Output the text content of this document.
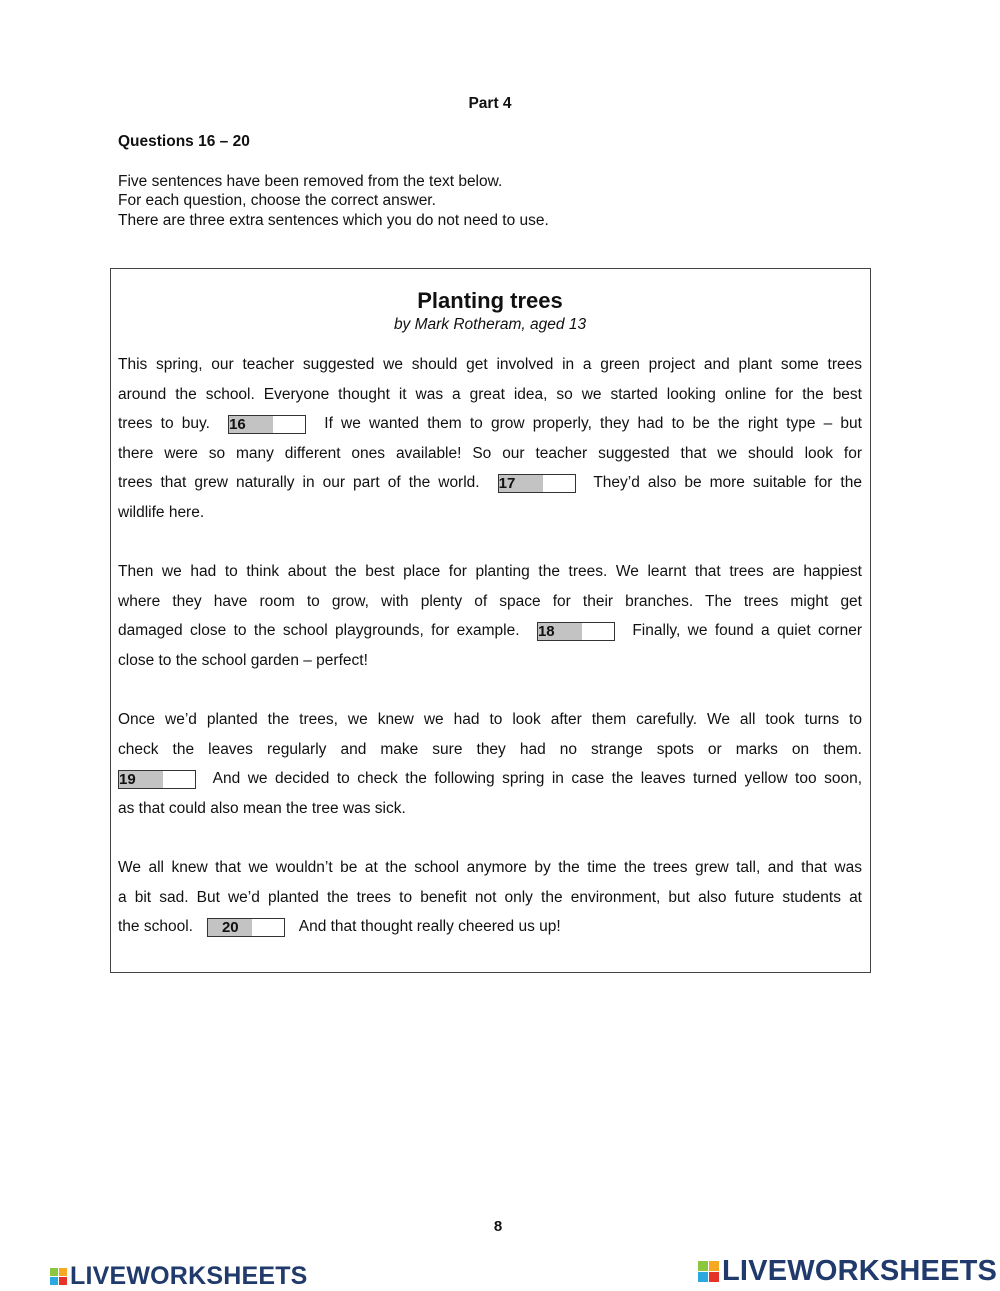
Part 4
Questions 16 – 20
Five sentences have been removed from the text below.
For each question, choose the correct answer.
There are three extra sentences which you do not need to use.
Planting trees
by Mark Rotheram, aged 13
This spring, our teacher suggested we should get involved in a green project and plant some trees
around the school. Everyone thought it was a great idea, so we started looking online for the best
trees to buy. 16	If we wanted them to grow properly, they had to be the right type – but
there were so many different ones available! So our teacher suggested that we should look for
trees that grew naturally in our part of the world. 17	They’d also be more suitable for the
wildlife here.
Then we had to think about the best place for planting the trees. We learnt that trees are happiest
where they have room to grow, with plenty of space for their branches. The trees might get
damaged close to the school playgrounds, for example. 18	Finally, we found a quiet corner
close to the school garden – perfect!
Once we’d planted the trees, we knew we had to look after them carefully. We all took turns to
check the leaves regularly and make sure they had no strange spots or marks on them.
19	And we decided to check the following spring in case the leaves turned yellow too soon,
as that could also mean the tree was sick.
We all knew that we wouldn’t be at the school anymore by the time the trees grew tall, and that was
a bit sad. But we’d planted the trees to benefit not only the environment, but also future students at
the school.	20	And that thought really cheered us up!
8
LIVEWORKSHEETS	LIVEWORKSHEETS
